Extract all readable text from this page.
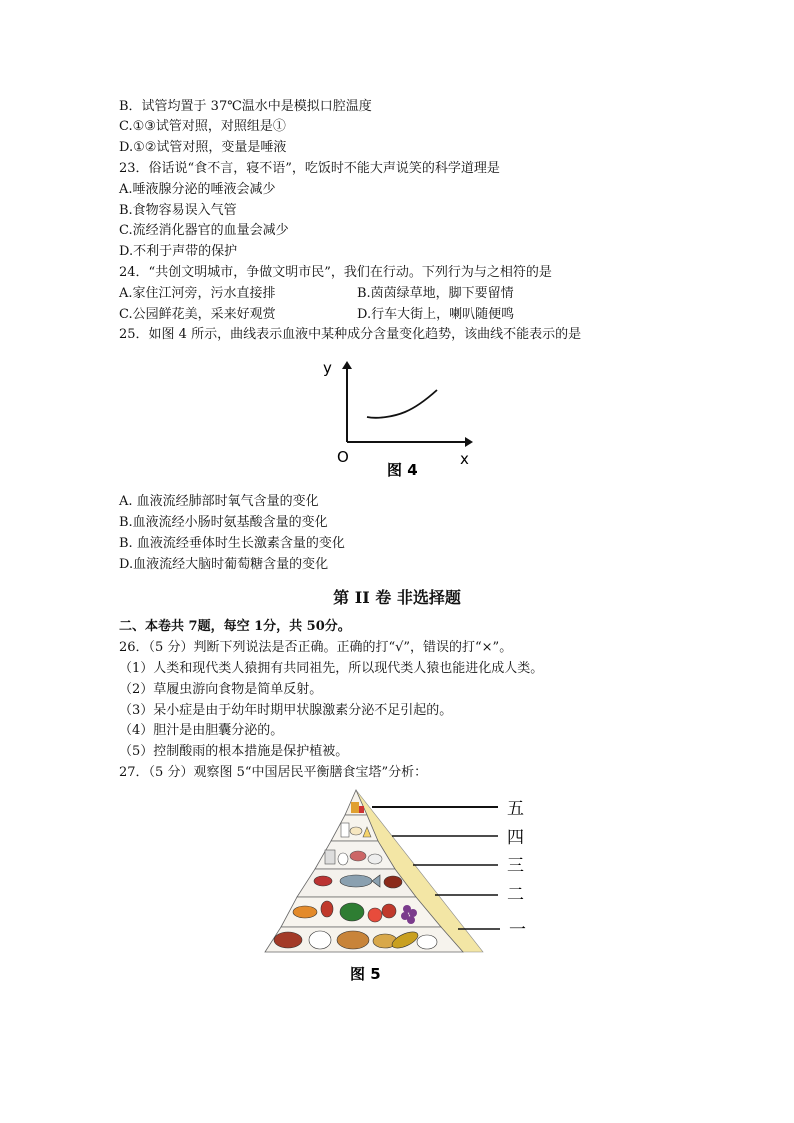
B．试管均置于 37℃温水中是模拟口腔温度
C.①③试管对照，对照组是①
D.①②试管对照，变量是唾液
23．俗话说“食不言，寝不语”，吃饭时不能大声说笑的科学道理是
A.唾液腺分泌的唾液会减少
B.食物容易误入气管
C.流经消化器官的血量会减少
D.不利于声带的保护
24．“共创文明城市，争做文明市民”，我们在行动。下列行为与之相符的是
A.家住江河旁，污水直接排	B.茵茵绿草地，脚下要留情
C.公园鲜花美，采来好观赏	D.行车大街上，喇叭随便鸣
25．如图 4 所示，曲线表示血液中某种成分含量变化趋势，该曲线不能表示的是
y
O	x
图 4
A. 血液流经肺部时氧气含量的变化
B.血液流经小肠时氨基酸含量的变化
B. 血液流经垂体时生长激素含量的变化
D.血液流经大脑时葡萄糖含量的变化
第 II 卷 非选择题
二、本卷共 7题，每空 1分，共 50分。
26．（5 分）判断下列说法是否正确。正确的打“√”，错误的打“×”。
（1）人类和现代类人猿拥有共同祖先，所以现代类人猿也能进化成人类。
（2）草履虫游向食物是简单反射。
（3）呆小症是由于幼年时期甲状腺激素分泌不足引起的。
（4）胆汁是由胆囊分泌的。
（5）控制酸雨的根本措施是保护植被。
27．（5 分）观察图 5“中国居民平衡膳食宝塔”分析：
五
四
三
二
一
图 5
